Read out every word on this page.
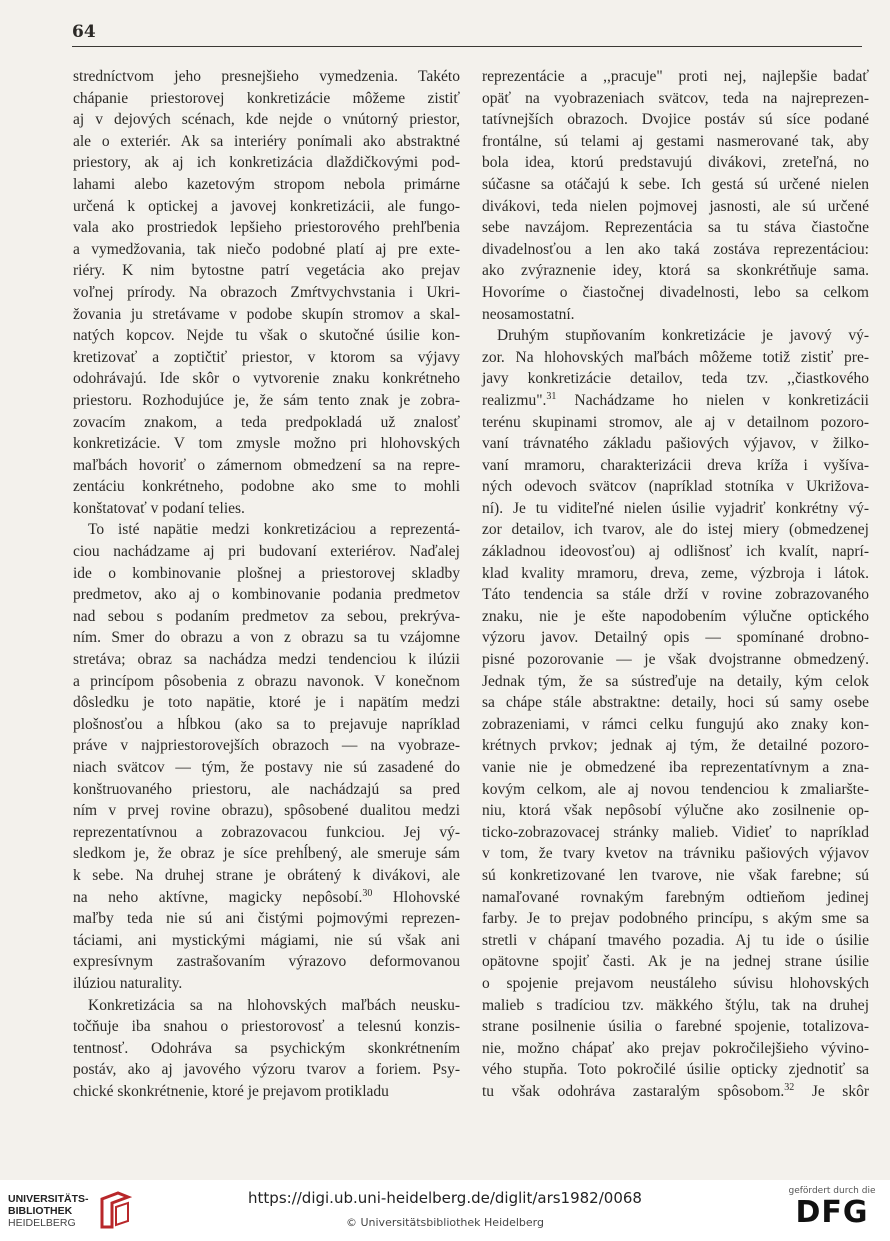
64
stredníctvom jeho presnejšieho vymedzenia. Takéto
chápanie priestorovej konkretizácie môžeme zistiť
aj v dejových scénach, kde nejde o vnútorný priestor,
ale o exteriér. Ak sa interiéry ponímali ako abstraktné
priestory, ak aj ich konkretizácia dlaždičkovými pod-
lahami alebo kazetovým stropom nebola primárne
určená k optickej a javovej konkretizácii, ale fungo-
vala ako prostriedok lepšieho priestorového prehľbenia
a vymedžovania, tak niečo podobné platí aj pre exte-
riéry. K nim bytostne patrí vegetácia ako prejav
voľnej prírody. Na obrazoch Zmŕtvychvstania i Ukri-
žovania ju stretávame v podobe skupín stromov a skal-
natých kopcov. Nejde tu však o skutočné úsilie kon-
kretizovať a zoptičtiť priestor, v ktorom sa výjavy
odohrávajú. Ide skôr o vytvorenie znaku konkrétneho
priestoru. Rozhodujúce je, že sám tento znak je zobra-
zovacím znakom, a teda predpokladá už znalosť
konkretizácie. V tom zmysle možno pri hlohovských
maľbách hovoriť o zámernom obmedzení sa na repre-
zentáciu konkrétneho, podobne ako sme to mohli
konštatovať v podaní telies.
To isté napätie medzi konkretizáciou a reprezentá-
ciou nachádzame aj pri budovaní exteriérov. Naďalej
ide o kombinovanie plošnej a priestorovej skladby
predmetov, ako aj o kombinovanie podania predmetov
nad sebou s podaním predmetov za sebou, prekrýva-
ním. Smer do obrazu a von z obrazu sa tu vzájomne
stretáva; obraz sa nachádza medzi tendenciou k ilúzii
a princípom pôsobenia z obrazu navonok. V konečnom
dôsledku je toto napätie, ktoré je i napätím medzi
plošnosťou a hĺbkou (ako sa to prejavuje napríklad
práve v najpriestorovejších obrazoch — na vyobraze-
niach svätcov — tým, že postavy nie sú zasadené do
konštruovaného priestoru, ale nachádzajú sa pred
ním v prvej rovine obrazu), spôsobené dualitou medzi
reprezentatívnou a zobrazovacou funkciou. Jej vý-
sledkom je, že obraz je síce prehĺbený, ale smeruje sám
k sebe. Na druhej strane je obrátený k divákovi, ale
na neho aktívne, magicky nepôsobí.$^{30}$ Hlohovské
maľby teda nie sú ani čistými pojmovými reprezen-
táciami, ani mystickými mágiami, nie sú však ani
expresívnym zastrašovaním výrazovo deformovanou
ilúziou naturality.
Konkretizácia sa na hlohovských maľbách neusku-
točňuje iba snahou o priestorovosť a telesnú konzis-
tentnosť. Odohráva sa psychickým skonkrétnením
postáv, ako aj javového výzoru tvarov a foriem. Psy-
chické skonkrétnenie, ktoré je prejavom protikladu
reprezentácie a ,,pracuje" proti nej, najlepšie badať
opäť na vyobrazeniach svätcov, teda na najreprezen-
tatívnejších obrazoch. Dvojice postáv sú síce podané
frontálne, sú telami aj gestami nasmerované tak, aby
bola idea, ktorú predstavujú divákovi, zreteľná, no
súčasne sa otáčajú k sebe. Ich gestá sú určené nielen
divákovi, teda nielen pojmovej jasnosti, ale sú určené
sebe navzájom. Reprezentácia sa tu stáva čiastočne
divadelnosťou a len ako taká zostáva reprezentáciou:
ako zvýraznenie idey, ktorá sa skonkrétňuje sama.
Hovoríme o čiastočnej divadelnosti, lebo sa celkom
neosamostatní.
Druhým stupňovaním konkretizácie je javový vý-
zor. Na hlohovských maľbách môžeme totiž zistiť pre-
javy konkretizácie detailov, teda tzv. ,,čiastkového
realizmu".$^{31}$ Nachádzame ho nielen v konkretizácii
terénu skupinami stromov, ale aj v detailnom pozoro-
vaní trávnatého základu pašiových výjavov, v žilko-
vaní mramoru, charakterizácii dreva kríža i vyšíva-
ných odevoch svätcov (napríklad stotníka v Ukrižova-
ní). Je tu viditeľné nielen úsilie vyjadriť konkrétny vý-
zor detailov, ich tvarov, ale do istej miery (obmedzenej
základnou ideovosťou) aj odlišnosť ich kvalít, naprí-
klad kvality mramoru, dreva, zeme, výzbroja i látok.
Táto tendencia sa stále drží v rovine zobrazovaného
znaku, nie je ešte napodobením výlučne optického
výzoru javov. Detailný opis — spomínané drobno-
pisné pozorovanie — je však dvojstranne obmedzený.
Jednak tým, že sa sústreďuje na detaily, kým celok
sa chápe stále abstraktne: detaily, hoci sú samy osebe
zobrazeniami, v rámci celku fungujú ako znaky kon-
krétnych prvkov; jednak aj tým, že detailné pozoro-
vanie nie je obmedzené iba reprezentatívnym a zna-
kovým celkom, ale aj novou tendenciou k zmaliaršte-
niu, ktorá však nepôsobí výlučne ako zosilnenie op-
ticko-zobrazovacej stránky malieb. Vidieť to napríklad
v tom, že tvary kvetov na trávniku pašiových výjavov
sú konkretizované len tvarove, nie však farebne; sú
namaľované rovnakým farebným odtieňom jedinej
farby. Je to prejav podobného princípu, s akým sme sa
stretli v chápaní tmavého pozadia. Aj tu ide o úsilie
opätovne spojiť časti. Ak je na jednej strane úsilie
o spojenie prejavom neustáleho súvisu hlohovských
malieb s tradíciou tzv. mäkkého štýlu, tak na druhej
strane posilnenie úsilia o farebné spojenie, totalizova-
nie, možno chápať ako prejav pokročilejšieho vývino-
vého stupňa. Toto pokročilé úsilie opticky zjednotiť sa
tu však odohráva zastaralým spôsobom.$^{32}$ Je skôr
UNIVERSITÄTS-
BIBLIOTHEK
HEIDELBERG
https://digi.ub.uni-heidelberg.de/diglit/ars1982/0068
© Universitätsbibliothek Heidelberg
gefördert durch die
DFG
